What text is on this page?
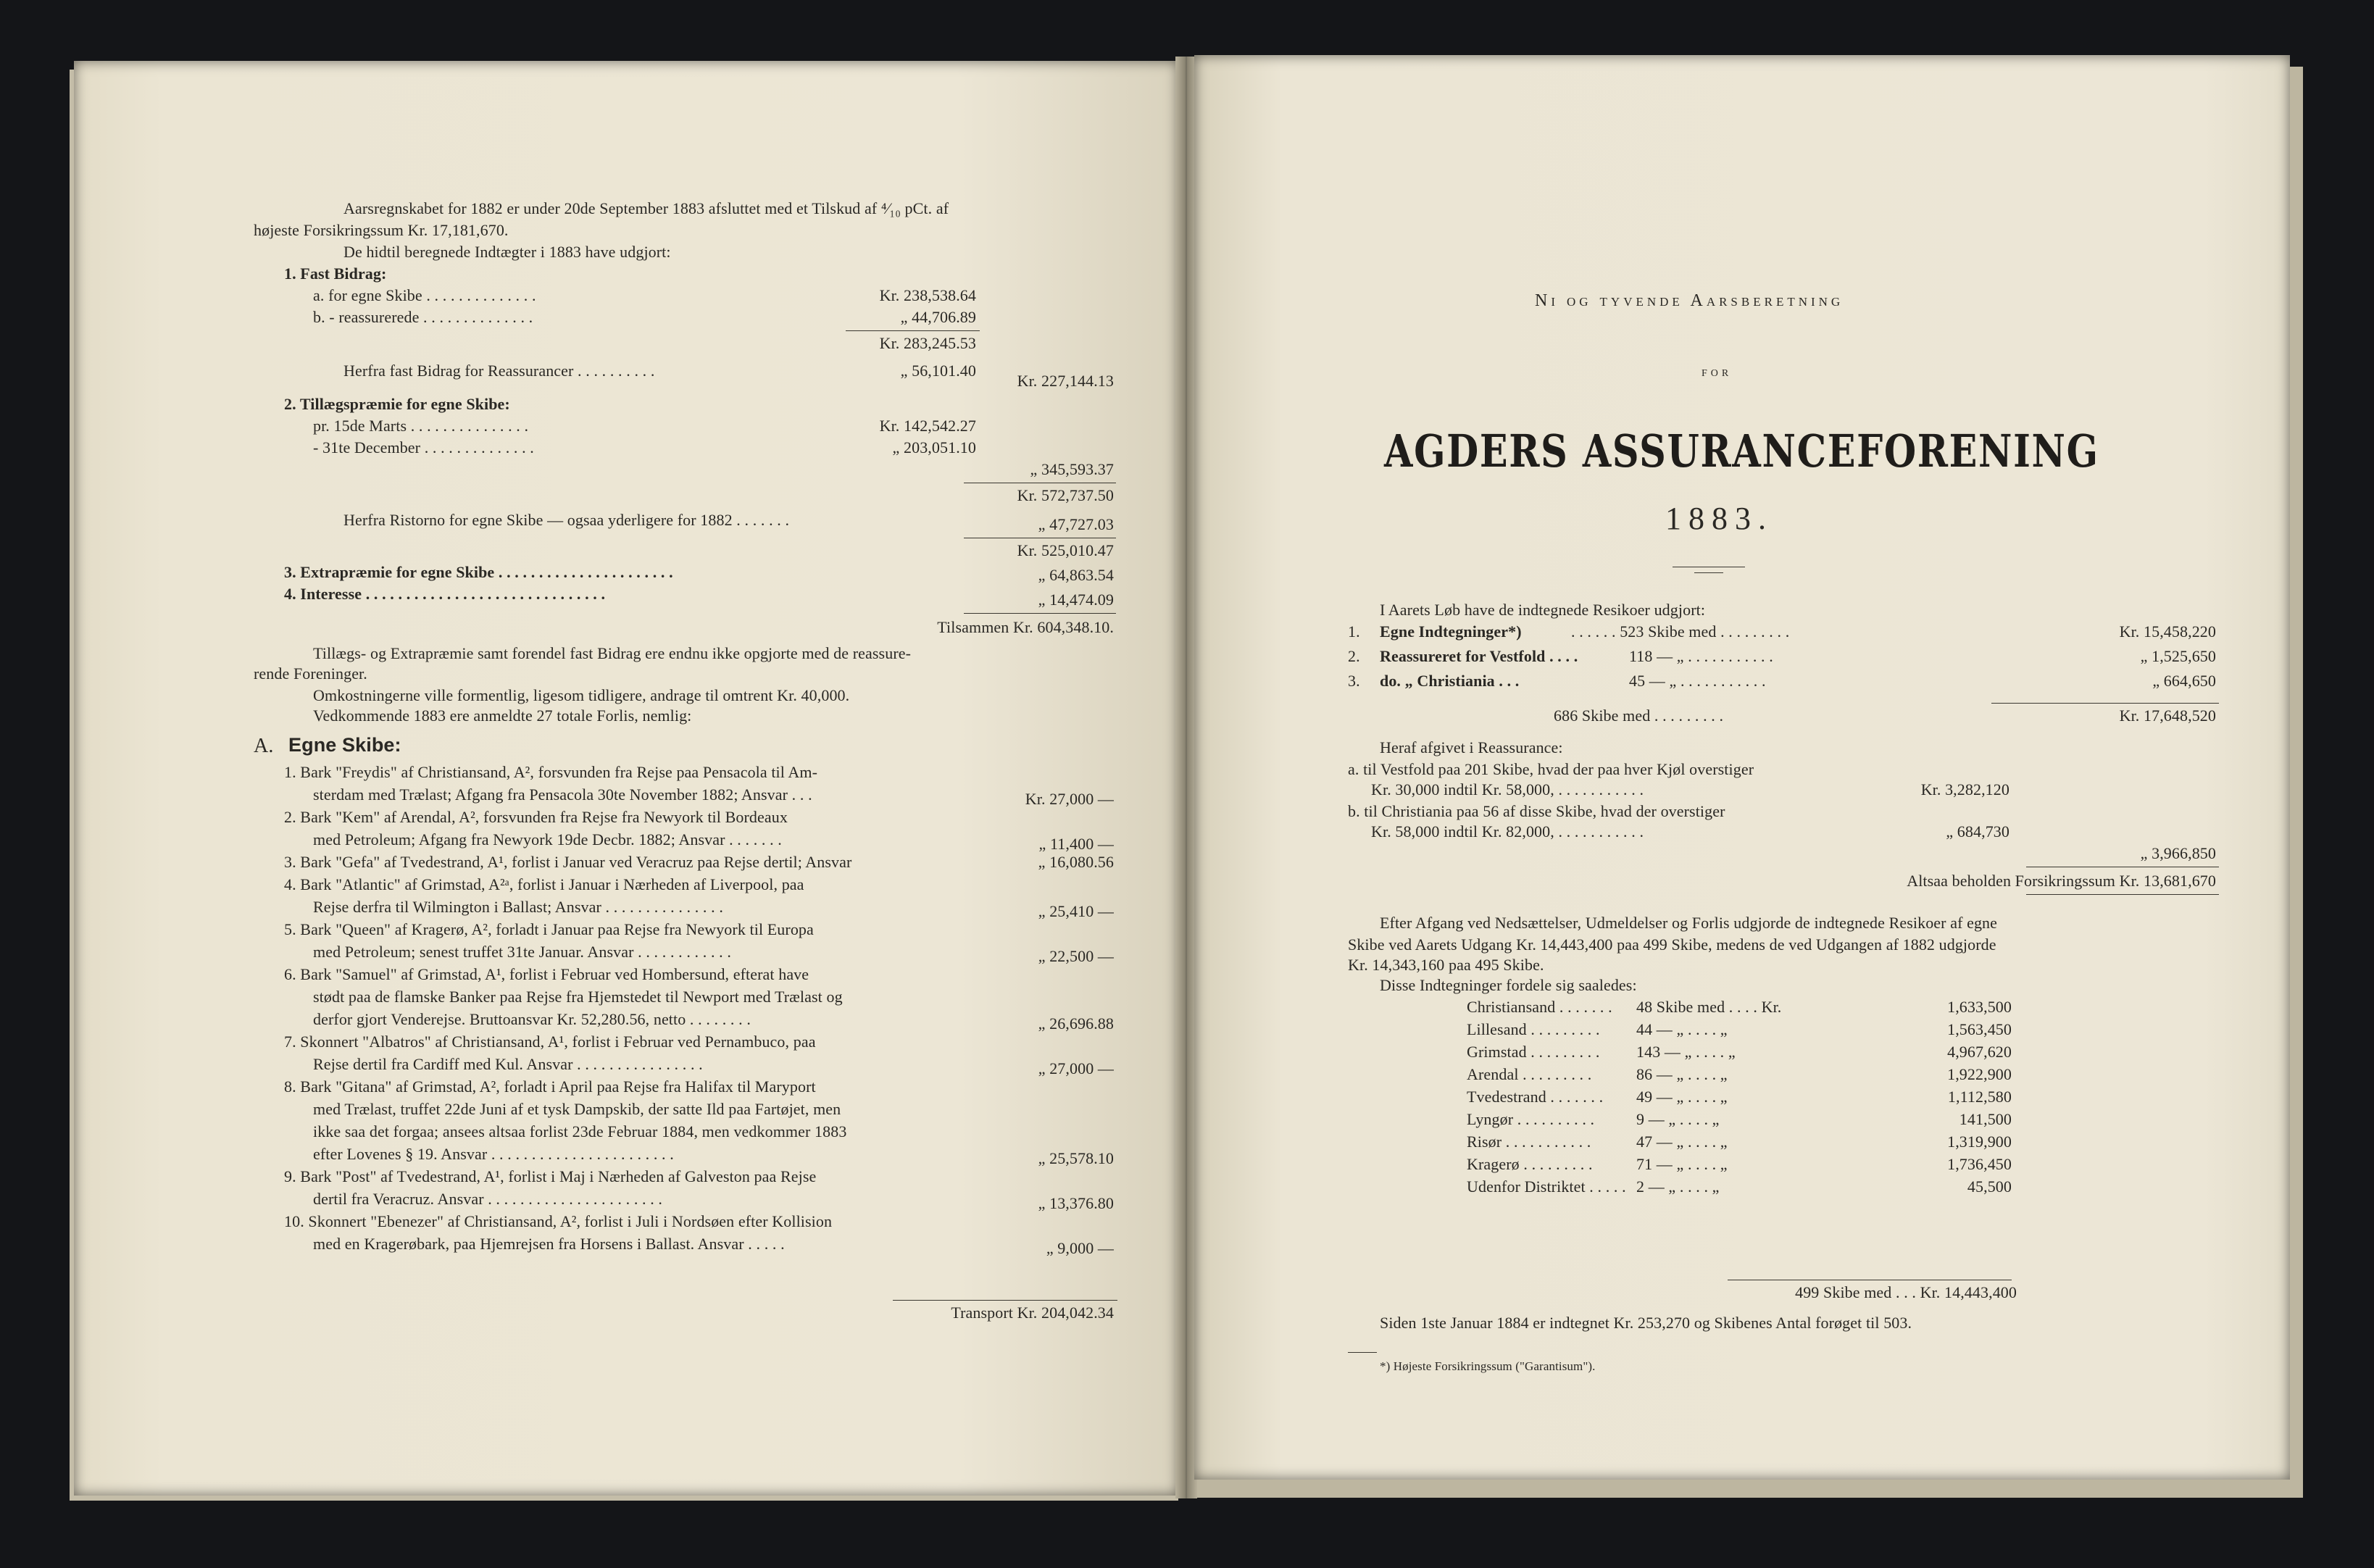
⠀
Aarsregnskabet for 1882 er under 20de September 1883 afsluttet med et Tilskud af ⁴⁄₁₀ pCt. af
højeste Forsikringssum Kr. 17,181,670.
De hidtil beregnede Indtægter i 1883 have udgjort:
1. Fast Bidrag:
a. for egne Skibe . . . . . . . . . . . . . .	Kr. 238,538.64
b. - reassurerede . . . . . . . . . . . . . .	„ 44,706.89
Kr. 283,245.53
Herfra fast Bidrag for Reassurancer . . . . . . . . . .	„ 56,101.40
Kr. 227,144.13
2. Tillægspræmie for egne Skibe:
pr. 15de Marts . . . . . . . . . . . . . . .	Kr. 142,542.27
- 31te December . . . . . . . . . . . . . .	„ 203,051.10
„ 345,593.37
Kr. 572,737.50
Herfra Ristorno for egne Skibe — ogsaa yderligere for 1882 . . . . . . .	„ 47,727.03
Kr. 525,010.47
3. Extrapræmie for egne Skibe . . . . . . . . . . . . . . . . . . . . . .	„ 64,863.54
4. Interesse . . . . . . . . . . . . . . . . . . . . . . . . . . . . . .	„ 14,474.09
Tilsammen Kr. 604,348.10.
Tillægs- og Extrapræmie samt forendel fast Bidrag ere endnu ikke opgjorte med de reassure-
rende Foreninger.
Omkostningerne ville formentlig, ligesom tidligere, andrage til omtrent Kr. 40,000.
Vedkommende 1883 ere anmeldte 27 totale Forlis, nemlig:
A. Egne Skibe:
1. Bark "Freydis" af Christiansand, A², forsvunden fra Rejse paa Pensacola til Am-
sterdam med Trælast; Afgang fra Pensacola 30te November 1882; Ansvar . . .	Kr. 27,000 —
2. Bark "Kem" af Arendal, A², forsvunden fra Rejse fra Newyork til Bordeaux
med Petroleum; Afgang fra Newyork 19de Decbr. 1882; Ansvar . . . . . . .	„ 11,400 —
3. Bark "Gefa" af Tvedestrand, A¹, forlist i Januar ved Veracruz paa Rejse dertil; Ansvar	„ 16,080.56
4. Bark "Atlantic" af Grimstad, A²ᵃ, forlist i Januar i Nærheden af Liverpool, paa
Rejse derfra til Wilmington i Ballast; Ansvar . . . . . . . . . . . . . . .	„ 25,410 —
5. Bark "Queen" af Kragerø, A², forladt i Januar paa Rejse fra Newyork til Europa
med Petroleum; senest truffet 31te Januar. Ansvar . . . . . . . . . . . .	„ 22,500 —
6. Bark "Samuel" af Grimstad, A¹, forlist i Februar ved Hombersund, efterat have
stødt paa de flamske Banker paa Rejse fra Hjemstedet til Newport med Trælast og
derfor gjort Venderejse. Bruttoansvar Kr. 52,280.56, netto . . . . . . . .	„ 26,696.88
7. Skonnert "Albatros" af Christiansand, A¹, forlist i Februar ved Pernambuco, paa
Rejse dertil fra Cardiff med Kul. Ansvar . . . . . . . . . . . . . . . .	„ 27,000 —
8. Bark "Gitana" af Grimstad, A², forladt i April paa Rejse fra Halifax til Maryport
med Trælast, truffet 22de Juni af et tysk Dampskib, der satte Ild paa Fartøjet, men
ikke saa det forgaa; ansees altsaa forlist 23de Februar 1884, men vedkommer 1883
efter Lovenes § 19. Ansvar . . . . . . . . . . . . . . . . . . . . . . .	„ 25,578.10
9. Bark "Post" af Tvedestrand, A¹, forlist i Maj i Nærheden af Galveston paa Rejse
dertil fra Veracruz. Ansvar . . . . . . . . . . . . . . . . . . . . . .	„ 13,376.80
10. Skonnert "Ebenezer" af Christiansand, A², forlist i Juli i Nordsøen efter Kollision
med en Kragerøbark, paa Hjemrejsen fra Horsens i Ballast. Ansvar . . . . .	„ 9,000 —
Transport Kr. 204,042.34
Ni og tyvende Aarsberetning
for
AGDERS ASSURANCEFORENING
1883.
I Aarets Løb have de indtegnede Resikoer udgjort:
1. Egne Indtegninger*)	. . . . . . 523 Skibe med . . . . . . . . .	Kr. 15,458,220
2. Reassureret for Vestfold . . . .	118 — „ . . . . . . . . . . .	„ 1,525,650
3. do. „ Christiania . . .	45 — „ . . . . . . . . . . .	„ 664,650
686 Skibe med . . . . . . . . .	Kr. 17,648,520
Heraf afgivet i Reassurance:
a. til Vestfold paa 201 Skibe, hvad der paa hver Kjøl overstiger
Kr. 30,000 indtil Kr. 58,000, . . . . . . . . . . .	Kr. 3,282,120
b. til Christiania paa 56 af disse Skibe, hvad der overstiger
Kr. 58,000 indtil Kr. 82,000, . . . . . . . . . . .	„ 684,730
„ 3,966,850
Altsaa beholden Forsikringssum Kr. 13,681,670
Efter Afgang ved Nedsættelser, Udmeldelser og Forlis udgjorde de indtegnede Resikoer af egne
Skibe ved Aarets Udgang Kr. 14,443,400 paa 499 Skibe, medens de ved Udgangen af 1882 udgjorde
Kr. 14,343,160 paa 495 Skibe.
Disse Indtegninger fordele sig saaledes:
Christiansand . . . . . . . 48 Skibe med . . . . Kr.	1,633,500
Lillesand . . . . . . . . . 44 — „ . . . . „	1,563,450
Grimstad . . . . . . . . . 143 — „ . . . . „	4,967,620
Arendal . . . . . . . . .	86 — „ . . . . „	1,922,900
Tvedestrand . . . . . . . 49 — „ . . . . „	1,112,580
Lyngør . . . . . . . . . .	9 — „ . . . . „	141,500
Risør . . . . . . . . . . .	47 — „ . . . . „	1,319,900
Kragerø . . . . . . . . .	71 — „ . . . . „	1,736,450
Udenfor Distriktet . . . . . 2 — „ . . . . „	45,500
499 Skibe med . . . Kr. 14,443,400
Siden 1ste Januar 1884 er indtegnet Kr. 253,270 og Skibenes Antal forøget til 503.
*) Højeste Forsikringssum ("Garantisum").
